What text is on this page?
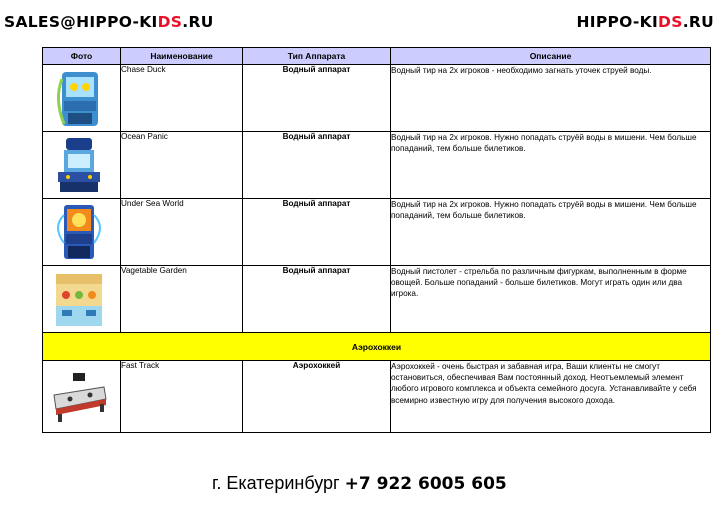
SALES@HIPPO-KIDS.RU	HIPPO-KIDS.RU
Фото	Наименование	Тип Аппарата	Описание

	Chase Duck	Водный аппарат	Водный тир на 2х игроков - необходимо загнать уточек струей воды.

	Ocean Panic	Водный аппарат	Водный тир на 2х игроков. Нужно попадать струёй воды в мишени. Чем больше попаданий, тем больше билетиков.

	Under Sea World	Водный аппарат	Водный тир на 2х игроков. Нужно попадать струёй воды в мишени. Чем больше попаданий, тем больше билетиков.

	Vagetable Garden	Водный аппарат	Водный пистолет - стрельба по различным фигуркам, выполненным в форме овощей. Больше попаданий - больше билетиков. Могут играть один или два игрока.
Аэрохоккеи			

	Fast Track	Аэрохоккей	Аэрохоккей - очень быстрая и забавная игра, Ваши клиенты не смогут остановиться, обеспечивая Вам постоянный доход. Неотъемлемый элемент любого игрового комплекса и объекта семейного досуга. Устанавливайте у себя всемирно известную игру для получения высокого дохода.
г. Екатеринбург +7 922 6005 605
